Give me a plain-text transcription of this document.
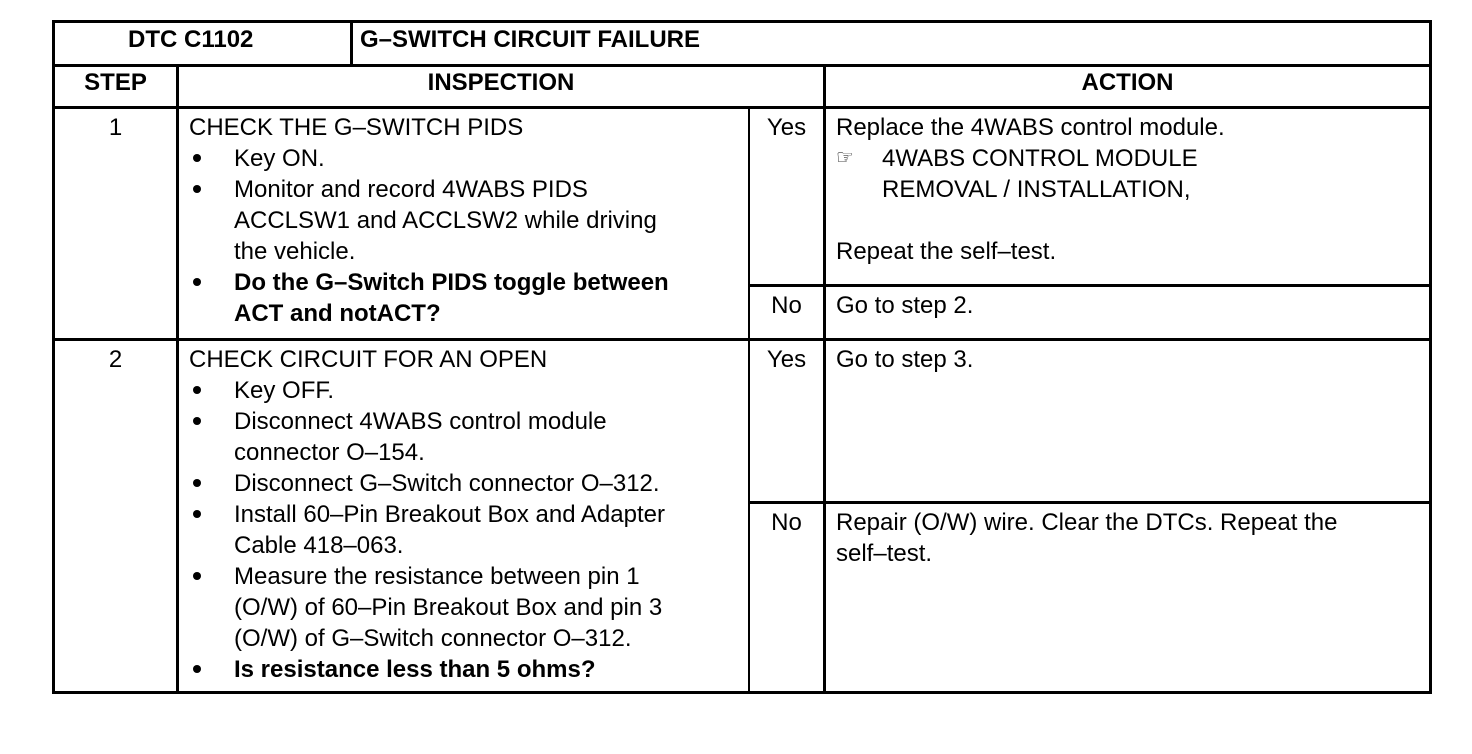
DTC C1102	G–SWITCH CIRCUIT FAILURE
STEP	INSPECTION	ACTION
1	CHECK THE G–SWITCH PIDS
Key ON.
Monitor and record 4WABS PIDS
ACCLSW1 and ACCLSW2 while driving
the vehicle.
Do the G–Switch PIDS toggle between
ACT and notACT?
Yes	Replace the 4WABS control module.
☞ 4WABS CONTROL MODULE
REMOVAL / INSTALLATION,
Repeat the self–test.
No	Go to step 2.
2	CHECK CIRCUIT FOR AN OPEN
Key OFF.
Disconnect 4WABS control module
connector O–154.
Disconnect G–Switch connector O–312.
Install 60–Pin Breakout Box and Adapter
Cable 418–063.
Measure the resistance between pin 1
(O/W) of 60–Pin Breakout Box and pin 3
(O/W) of G–Switch connector O–312.
Is resistance less than 5 ohms?
Yes	Go to step 3.
No	Repair (O/W) wire. Clear the DTCs. Repeat the
self–test.
